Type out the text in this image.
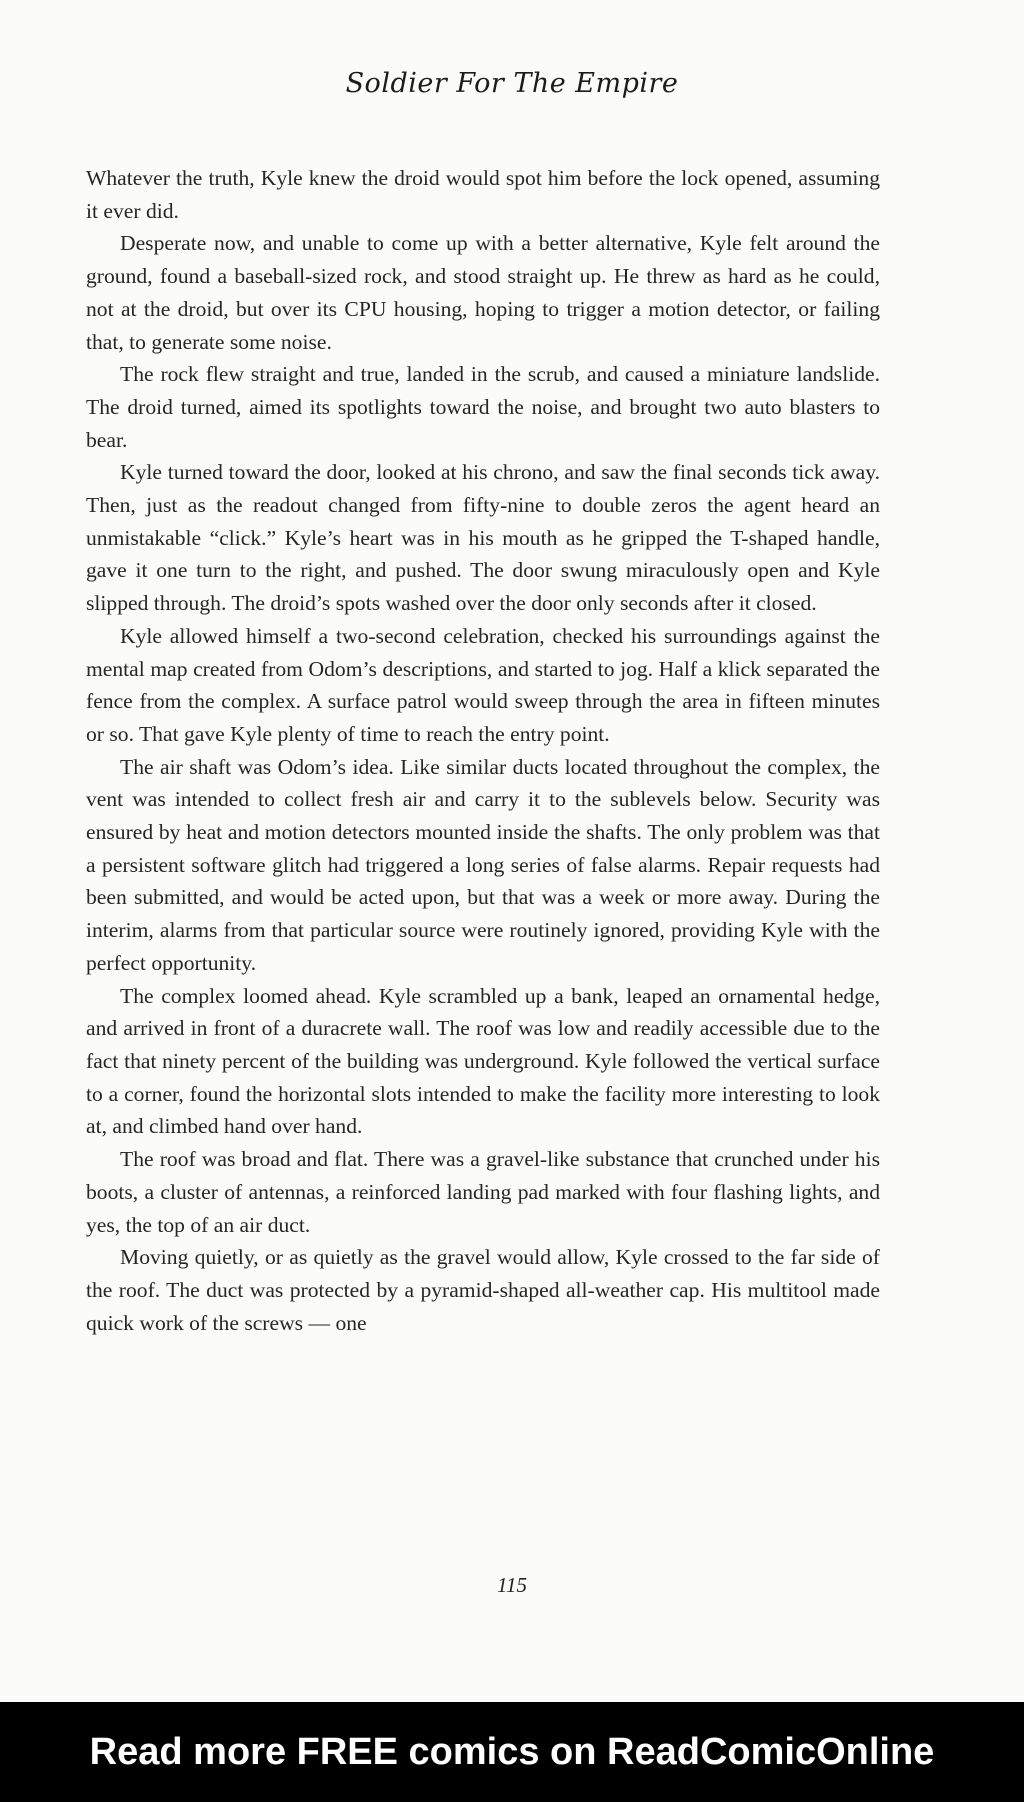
Soldier For The Empire

Whatever the truth, Kyle knew the droid would spot him before the lock opened, assuming it ever did.

Desperate now, and unable to come up with a better alternative, Kyle felt around the ground, found a baseball-sized rock, and stood straight up. He threw as hard as he could, not at the droid, but over its CPU housing, hoping to trigger a motion detector, or failing that, to generate some noise.

The rock flew straight and true, landed in the scrub, and caused a miniature landslide. The droid turned, aimed its spotlights toward the noise, and brought two auto blasters to bear.

Kyle turned toward the door, looked at his chrono, and saw the final seconds tick away. Then, just as the readout changed from fifty-nine to double zeros the agent heard an unmistakable “click.” Kyle’s heart was in his mouth as he gripped the T-shaped handle, gave it one turn to the right, and pushed. The door swung miraculously open and Kyle slipped through. The droid’s spots washed over the door only seconds after it closed.

Kyle allowed himself a two-second celebration, checked his surroundings against the mental map created from Odom’s descriptions, and started to jog. Half a klick separated the fence from the complex. A surface patrol would sweep through the area in fifteen minutes or so. That gave Kyle plenty of time to reach the entry point.

The air shaft was Odom’s idea. Like similar ducts located throughout the complex, the vent was intended to collect fresh air and carry it to the sublevels below. Security was ensured by heat and motion detectors mounted inside the shafts. The only problem was that a persistent software glitch had triggered a long series of false alarms. Repair requests had been submitted, and would be acted upon, but that was a week or more away. During the interim, alarms from that particular source were routinely ignored, providing Kyle with the perfect opportunity.

The complex loomed ahead. Kyle scrambled up a bank, leaped an ornamental hedge, and arrived in front of a duracrete wall. The roof was low and readily accessible due to the fact that ninety percent of the building was underground. Kyle followed the vertical surface to a corner, found the horizontal slots intended to make the facility more interesting to look at, and climbed hand over hand.

The roof was broad and flat. There was a gravel-like substance that crunched under his boots, a cluster of antennas, a reinforced landing pad marked with four flashing lights, and yes, the top of an air duct.

Moving quietly, or as quietly as the gravel would allow, Kyle crossed to the far side of the roof. The duct was protected by a pyramid-shaped all-weather cap. His multitool made quick work of the screws — one

115
Read more FREE comics on ReadComicOnline
